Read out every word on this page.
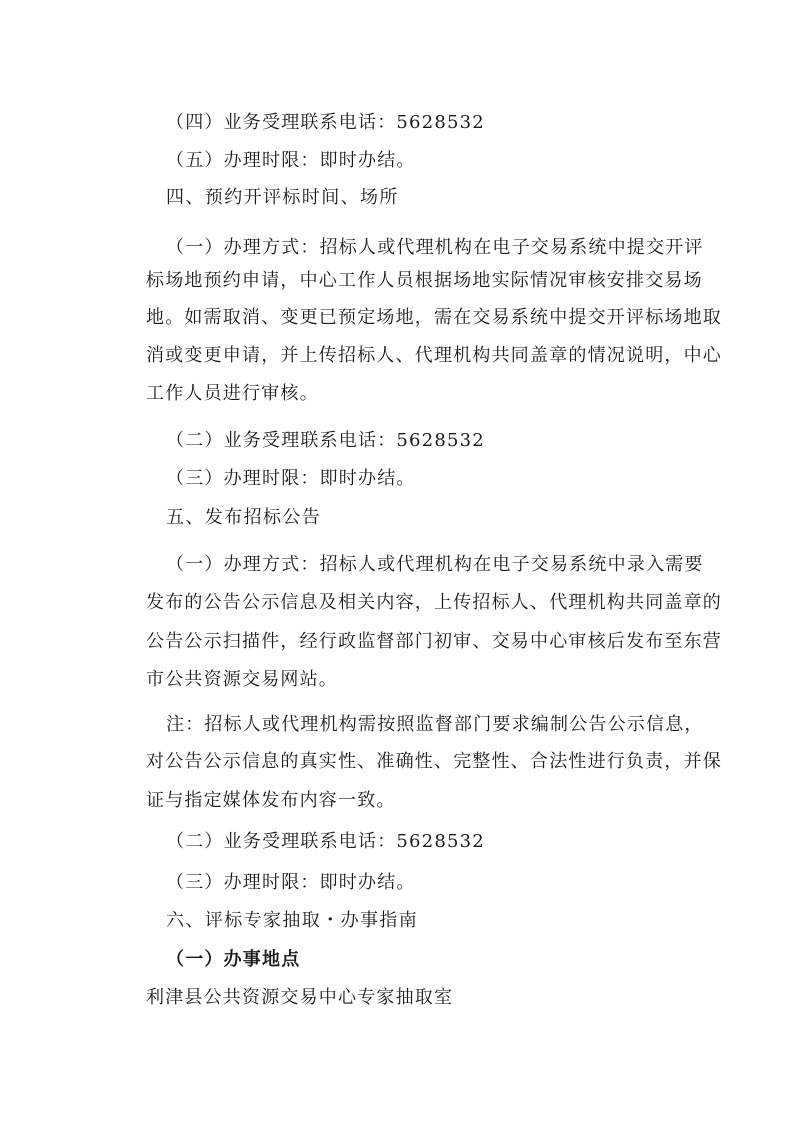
（四）业务受理联系电话：5628532
（五）办理时限：即时办结。
四、预约开评标时间、场所
（一）办理方式：招标人或代理机构在电子交易系统中提交开评
标场地预约申请，中心工作人员根据场地实际情况审核安排交易场
地。如需取消、变更已预定场地，需在交易系统中提交开评标场地取
消或变更申请，并上传招标人、代理机构共同盖章的情况说明，中心
工作人员进行审核。
（二）业务受理联系电话：5628532
（三）办理时限：即时办结。
五、发布招标公告
（一）办理方式：招标人或代理机构在电子交易系统中录入需要
发布的公告公示信息及相关内容，上传招标人、代理机构共同盖章的
公告公示扫描件，经行政监督部门初审、交易中心审核后发布至东营
市公共资源交易网站。
注：招标人或代理机构需按照监督部门要求编制公告公示信息，
对公告公示信息的真实性、准确性、完整性、合法性进行负责，并保
证与指定媒体发布内容一致。
（二）业务受理联系电话：5628532
（三）办理时限：即时办结。
六、评标专家抽取・办事指南
（一）办事地点
利津县公共资源交易中心专家抽取室
